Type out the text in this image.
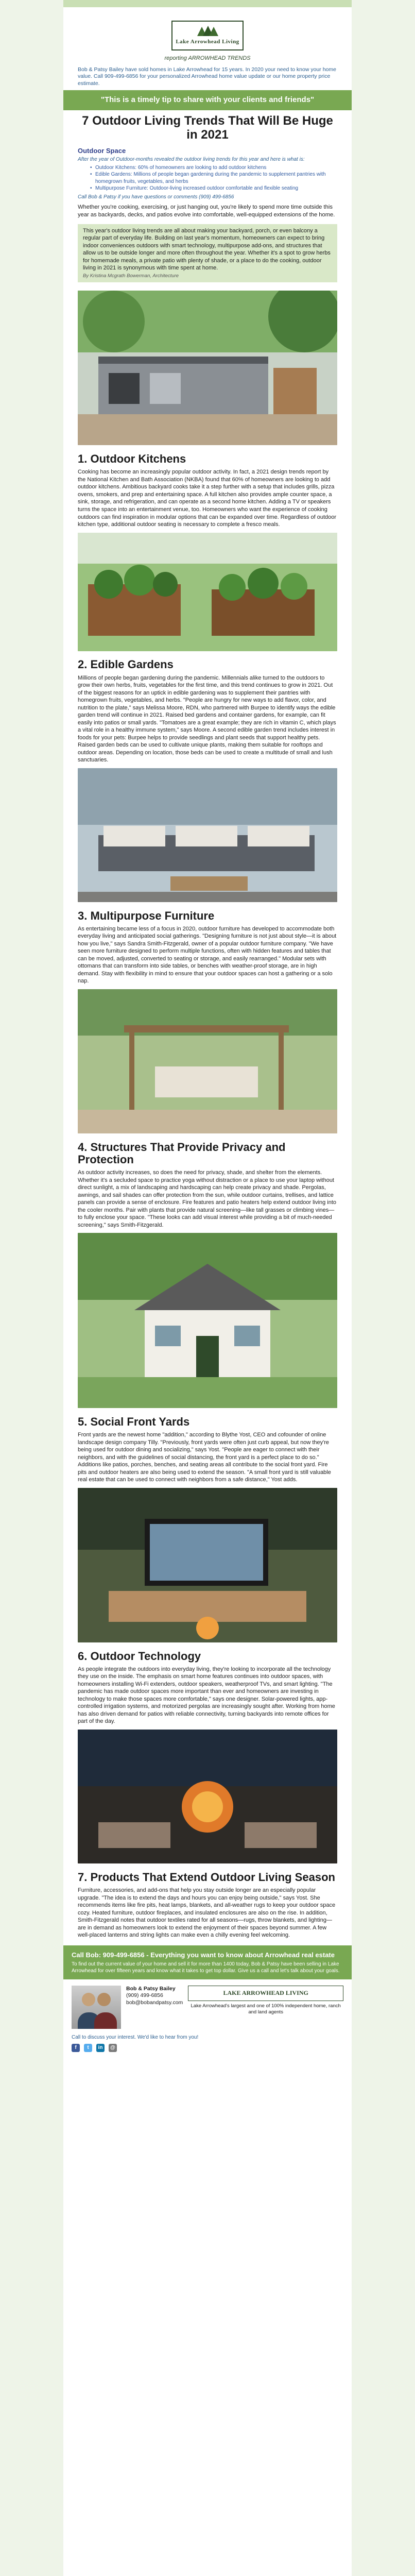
Lake Arrowhead Living
reporting ARROWHEAD TRENDS

Bob & Patsy Bailey have sold homes in Lake Arrowhead for 15 years. In 2020 your need to know your home value. Call 909-499-6856 for your personalized Arrowhead home value update or our home property price estimate.

"This is a timely tip to share with your clients and friends"
7 Outdoor Living Trends That Will Be Huge in 2021
Outdoor Space
After the year of Outdoor-months revealed the outdoor living trends for this year and here is what is:
• Outdoor Kitchens: 60% of homeowners are looking to add outdoor kitchens
• Edible Gardens: Millions of people began gardening during the pandemic to supplement pantries with homegrown fruits, vegetables, and herbs
• Multipurpose Furniture: Outdoor-living increased outdoor comfortable and flexible seating
Call Bob & Patsy if you have questions or comments (909) 499-6856

Whether you're cooking, exercising, or just hanging out, you're likely to spend more time outside this year as backyards, decks, and patios evolve into comfortable, well-equipped extensions of the home.

This year's outdoor living trends are all about making your backyard, porch, or even balcony a regular part of everyday life. Building on last year's momentum, homeowners can expect to bring indoor conveniences outdoors with smart technology, multipurpose add-ons, and structures that allow us to be outside longer and more often throughout the year. Whether it's a spot to grow herbs for homemade meals, a private patio with plenty of shade, or a place to do the cooking, outdoor living in 2021 is synonymous with time spent at home.

By Kristina Mcgrath Bowerman, Architecture

1. Outdoor Kitchens

Cooking has become an increasingly popular outdoor activity. In fact, a 2021 design trends report by the National Kitchen and Bath Association (NKBA) found that 60% of homeowners are looking to add outdoor kitchens. Ambitious backyard cooks take it a step further with a setup that includes grills, pizza ovens, smokers, and prep and entertaining space. A full kitchen also provides ample counter space, a sink, storage, and refrigeration, and can operate as a second home kitchen. Adding a TV or speakers turns the space into an entertainment venue, too. Homeowners who want the experience of cooking outdoors can find inspiration in modular options that can be expanded over time. Regardless of outdoor kitchen type, additional outdoor seating is necessary to complete a fresco meals.

2. Edible Gardens

Millions of people began gardening during the pandemic. Millennials alike turned to the outdoors to grow their own herbs, fruits, vegetables for the first time, and this trend continues to grow in 2021. Out of the biggest reasons for an uptick in edible gardening was to supplement their pantries with homegrown fruits, vegetables, and herbs. "People are hungry for new ways to add flavor, color, and nutrition to the plate," says Melissa Moore, RDN, who partnered with Burpee to identify ways the edible garden trend will continue in 2021. Raised bed gardens and container gardens, for example, can fit easily into patios or small yards. "Tomatoes are a great example; they are rich in vitamin C, which plays a vital role in a healthy immune system," says Moore. A second edible garden trend includes interest in foods for your pets: Burpee helps to provide seedlings and plant seeds that support healthy pets. Raised garden beds can be used to cultivate unique plants, making them suitable for rooftops and outdoor areas. Depending on location, those beds can be used to create a multitude of small and lush sanctuaries.

3. Multipurpose Furniture

As entertaining became less of a focus in 2020, outdoor furniture has developed to accommodate both everyday living and anticipated social gatherings. "Designing furniture is not just about style—it is about how you live," says Sandra Smith-Fitzgerald, owner of a popular outdoor furniture company. "We have seen more furniture designed to perform multiple functions, often with hidden features and tables that can be moved, adjusted, converted to seating or storage, and easily rearranged." Modular sets with ottomans that can transform into side tables, or benches with weather-proof storage, are in high demand. Stay with flexibility in mind to ensure that your outdoor spaces can host a gathering or a solo nap.

4. Structures That Provide Privacy and Protection

As outdoor activity increases, so does the need for privacy, shade, and shelter from the elements. Whether it's a secluded space to practice yoga without distraction or a place to use your laptop without direct sunlight, a mix of landscaping and hardscaping can help create privacy and shade. Pergolas, awnings, and sail shades can offer protection from the sun, while outdoor curtains, trellises, and lattice panels can provide a sense of enclosure. Fire features and patio heaters help extend outdoor living into the cooler months. Pair with plants that provide natural screening—like tall grasses or climbing vines—to fully enclose your space. "These looks can add visual interest while providing a bit of much-needed screening," says Smith-Fitzgerald.

5. Social Front Yards

Front yards are the newest home "addition," according to Blythe Yost, CEO and cofounder of online landscape design company Tilly. "Previously, front yards were often just curb appeal, but now they're being used for outdoor dining and socializing," says Yost. "People are eager to connect with their neighbors, and with the guidelines of social distancing, the front yard is a perfect place to do so." Additions like patios, porches, benches, and seating areas all contribute to the social front yard. Fire pits and outdoor heaters are also being used to extend the season. "A small front yard is still valuable real estate that can be used to connect with neighbors from a safe distance," Yost adds.

6. Outdoor Technology

As people integrate the outdoors into everyday living, they're looking to incorporate all the technology they use on the inside. The emphasis on smart home features continues into outdoor spaces, with homeowners installing Wi-Fi extenders, outdoor speakers, weatherproof TVs, and smart lighting. "The pandemic has made outdoor spaces more important than ever and homeowners are investing in technology to make those spaces more comfortable," says one designer. Solar-powered lights, app-controlled irrigation systems, and motorized pergolas are increasingly sought after. Working from home has also driven demand for patios with reliable connectivity, turning backyards into remote offices for part of the day.

7. Products That Extend Outdoor Living Season

Furniture, accessories, and add-ons that help you stay outside longer are an especially popular upgrade. "The idea is to extend the days and hours you can enjoy being outside," says Yost. She recommends items like fire pits, heat lamps, blankets, and all-weather rugs to keep your outdoor space cozy. Heated furniture, outdoor fireplaces, and insulated enclosures are also on the rise. In addition, Smith-Fitzgerald notes that outdoor textiles rated for all seasons—rugs, throw blankets, and lighting—are in demand as homeowners look to extend the enjoyment of their spaces beyond summer. A few well-placed lanterns and string lights can make even a chilly evening feel welcoming.

Call Bob: 909-499-6856 - Everything you want to know about Arrowhead real estate
To find out the current value of your home and sell it for more than 1400 today, Bob & Patsy have been selling in Lake Arrowhead for over fifteen years and know what it takes to get top dollar. Give us a call and let's talk about your goals.
Bob & Patsy Bailey
(909) 499-6856
bob@bobandpatsy.com
LAKE ARROWHEAD LIVING
Lake Arrowhead's largest and one of 100% independent home, ranch and land agents
Call to discuss your interest. We'd like to hear from you!
f	t	in	@
